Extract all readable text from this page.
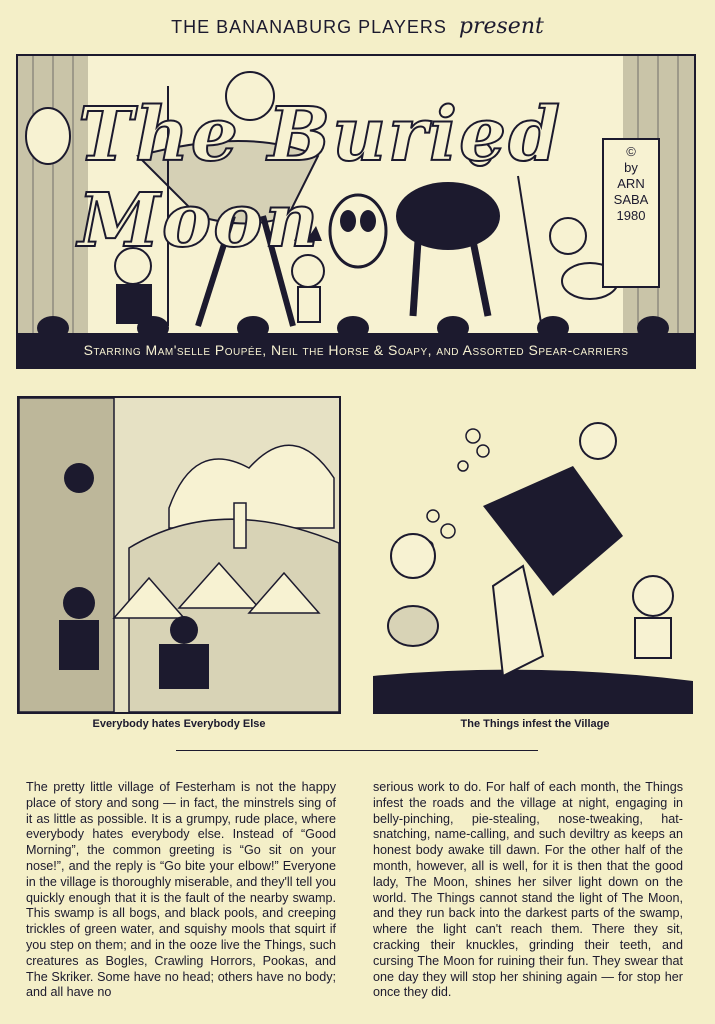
THE BANANABURG PLAYERS present
The Buried Moon
©
by
ARN
SABA
1980
Starring Mam'selle Poupée, Neil the Horse & Soapy, and Assorted Spear-carriers
Everybody hates Everybody Else	The Things infest the Village
The pretty little village of Festerham is not the happy place of story and song — in fact, the minstrels sing of it as little as possible. It is a grumpy, rude place, where everybody hates everybody else. Instead of “Good Morning”, the common greeting is “Go sit on your nose!”, and the reply is “Go bite your elbow!” Everyone in the village is thoroughly miserable, and they'll tell you quickly enough that it is the fault of the nearby swamp. This swamp is all bogs, and black pools, and creeping trickles of green water, and squishy mools that squirt if you step on them; and in the ooze live the Things, such creatures as Bogles, Crawling Horrors, Pookas, and The Skriker. Some have no head; others have no body; and all have no
serious work to do. For half of each month, the Things infest the roads and the village at night, engaging in belly-pinching, pie-stealing, nose-tweaking, hat-snatching, name-calling, and such deviltry as keeps an honest body awake till dawn. For the other half of the month, however, all is well, for it is then that the good lady, The Moon, shines her silver light down on the world. The Things cannot stand the light of The Moon, and they run back into the darkest parts of the swamp, where the light can't reach them. There they sit, cracking their knuckles, grinding their teeth, and cursing The Moon for ruining their fun. They swear that one day they will stop her shining again — for stop her once they did.
